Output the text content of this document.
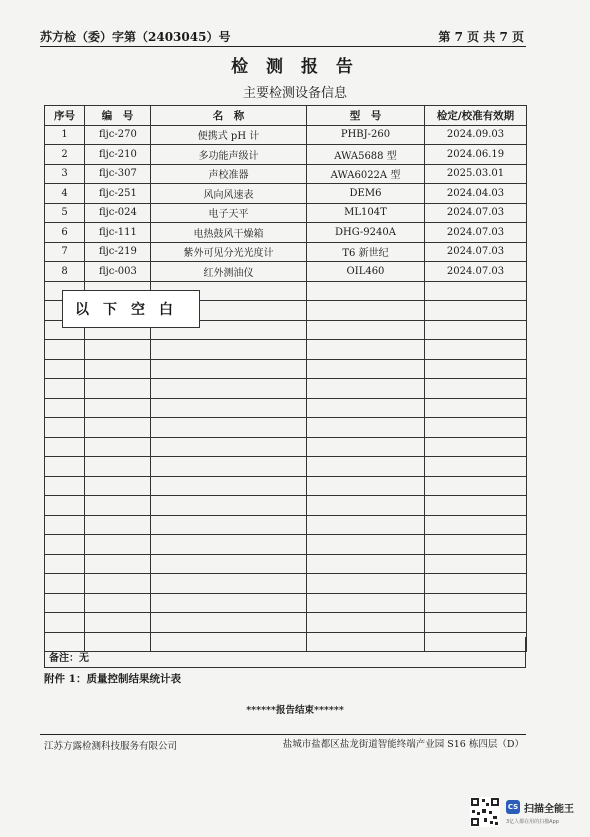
苏方检（委）字第（2403045）号	第 7 页 共 7 页
检 测 报 告
主要检测设备信息
序号	编　号	名　称	型　号	检定/校准有效期
1	fljc-270	便携式 pH 计	PHBJ-260	2024.09.03
2	fljc-210	多功能声级计	AWA5688 型	2024.06.19
3	fljc-307	声校准器	AWA6022A 型	2025.03.01
4	fljc-251	风向风速表	DEM6	2024.04.03
5	fljc-024	电子天平	ML104T	2024.07.03
6	fljc-111	电热鼓风干燥箱	DHG-9240A	2024.07.03
7	fljc-219	紫外可见分光光度计	T6 新世纪	2024.07.03
8	fljc-003	红外测油仪	OIL460	2024.07.03

以下空白
备注：无
附件 1：质量控制结果统计表
******报告结束******
江苏方露检测科技服务有限公司	盐城市盐都区盐龙街道智能终端产业园 S16 栋四层（D）
CS 扫描全能王
3亿人都在用的扫描App
